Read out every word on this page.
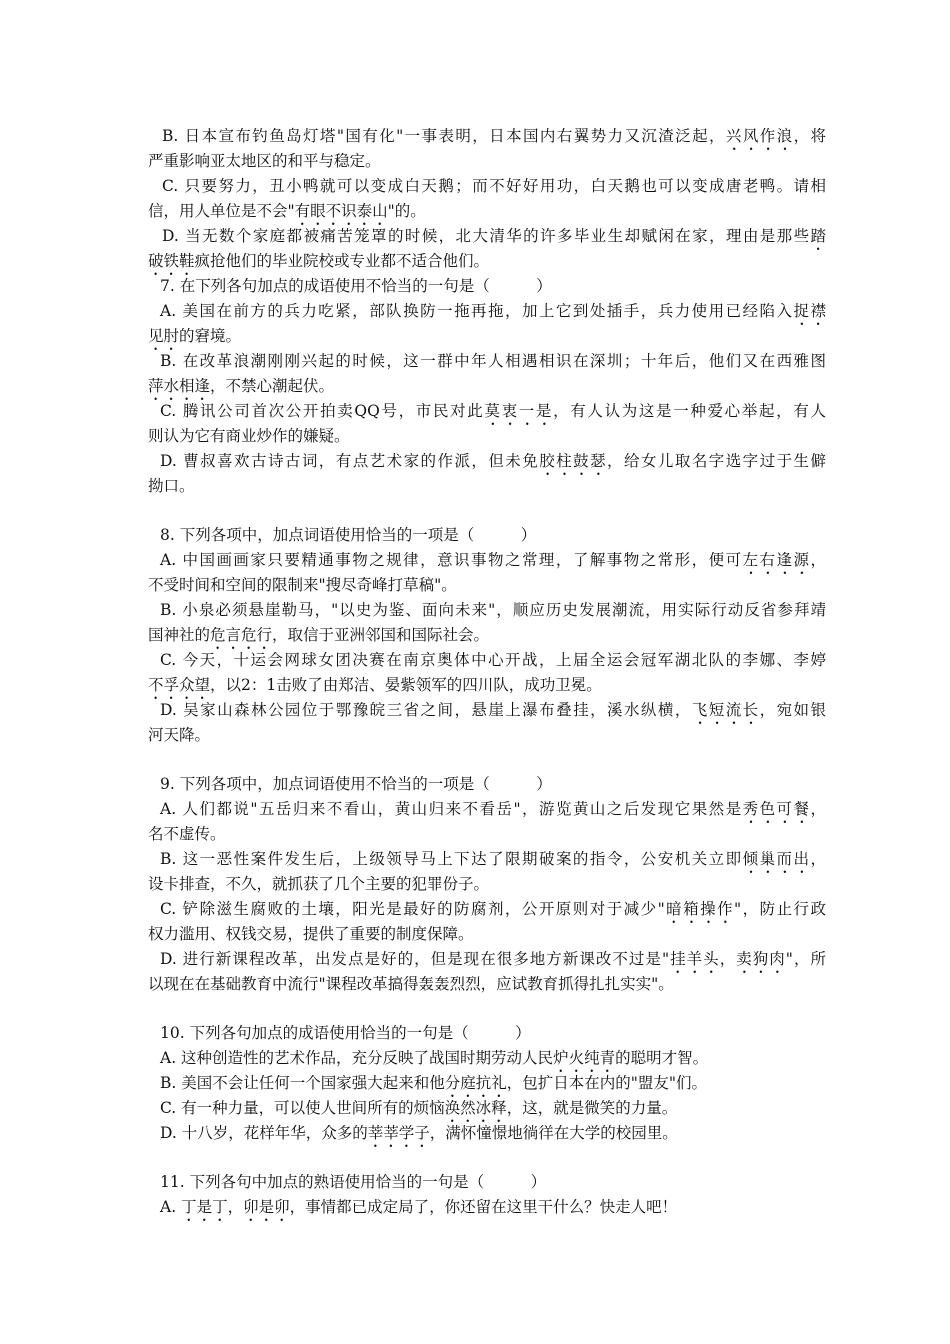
B. 日本宣布钓鱼岛灯塔"国有化"一事表明，日本国内右翼势力又沉渣泛起，兴风作浪，将
严重影响亚太地区的和平与稳定。
C. 只要努力，丑小鸭就可以变成白天鹅；而不好好用功，白天鹅也可以变成唐老鸭。请相
信，用人单位是不会"有眼不识泰山"的。
D. 当无数个家庭都被痛苦笼罩的时候，北大清华的许多毕业生却赋闲在家，理由是那些踏
破铁鞋疯抢他们的毕业院校或专业都不适合他们。
7. 在下列各句加点的成语使用不恰当的一句是（　　　）
A. 美国在前方的兵力吃紧，部队换防一拖再拖，加上它到处插手，兵力使用已经陷入捉襟
见肘的窘境。
B. 在改革浪潮刚刚兴起的时候，这一群中年人相遇相识在深圳；十年后，他们又在西雅图
萍水相逢，不禁心潮起伏。
C. 腾讯公司首次公开拍卖QQ号，市民对此莫衷一是，有人认为这是一种爱心举起，有人
则认为它有商业炒作的嫌疑。
D. 曹叔喜欢古诗古词，有点艺术家的作派，但未免胶柱鼓瑟，给女儿取名字选字过于生僻
拗口。
8. 下列各项中，加点词语使用恰当的一项是（　　　）
A. 中国画画家只要精通事物之规律，意识事物之常理，了解事物之常形，便可左右逢源，
不受时间和空间的限制来"搜尽奇峰打草稿"。
B. 小泉必须悬崖勒马，"以史为鉴、面向未来"，顺应历史发展潮流，用实际行动反省参拜靖
国神社的危言危行，取信于亚洲邻国和国际社会。
C. 今天，十运会网球女团决赛在南京奥体中心开战，上届全运会冠军湖北队的李娜、李婷
不孚众望，以2：1击败了由郑洁、晏紫领军的四川队，成功卫冕。
D. 吴家山森林公园位于鄂豫皖三省之间，悬崖上瀑布叠挂，溪水纵横，飞短流长，宛如银
河天降。
9. 下列各项中，加点词语使用不恰当的一项是（　　　）
A. 人们都说"五岳归来不看山，黄山归来不看岳"，游览黄山之后发现它果然是秀色可餐，
名不虚传。
B. 这一恶性案件发生后，上级领导马上下达了限期破案的指令，公安机关立即倾巢而出，
设卡排查，不久，就抓获了几个主要的犯罪份子。
C. 铲除滋生腐败的土壤，阳光是最好的防腐剂，公开原则对于减少"暗箱操作"，防止行政
权力滥用、权钱交易，提供了重要的制度保障。
D. 进行新课程改革，出发点是好的，但是现在很多地方新课改不过是"挂羊头，卖狗肉"，所
以现在在基础教育中流行"课程改革搞得轰轰烈烈，应试教育抓得扎扎实实"。
10. 下列各句加点的成语使用恰当的一句是（　　　）
A. 这种创造性的艺术作品，充分反映了战国时期劳动人民炉火纯青的聪明才智。
B. 美国不会让任何一个国家强大起来和他分庭抗礼，包扩日本在内的"盟友"们。
C. 有一种力量，可以使人世间所有的烦恼涣然冰释，这，就是微笑的力量。
D. 十八岁，花样年华，众多的莘莘学子，满怀憧憬地徜徉在大学的校园里。
11. 下列各句中加点的熟语使用恰当的一句是（　　　）
A. 丁是丁，卯是卯，事情都已成定局了，你还留在这里干什么？快走人吧！
